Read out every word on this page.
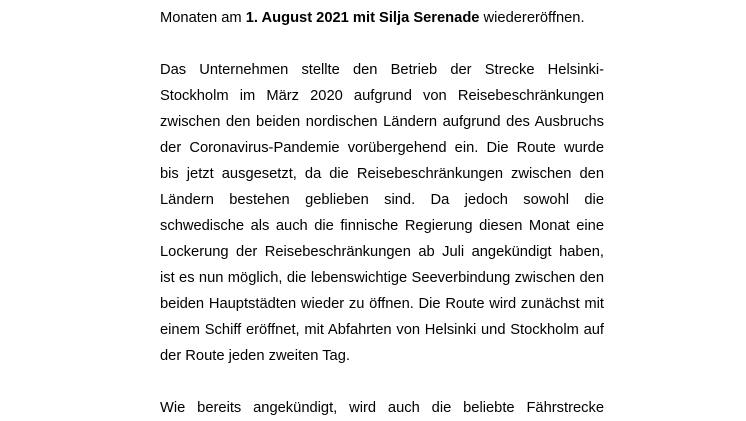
Monaten am 1. August 2021 mit Silja Serenade wiedereröffnen.
Das Unternehmen stellte den Betrieb der Strecke Helsinki-
Stockholm im März 2020 aufgrund von Reisebeschränkungen
zwischen den beiden nordischen Ländern aufgrund des Ausbruchs
der Coronavirus-Pandemie vorübergehend ein. Die Route wurde
bis jetzt ausgesetzt, da die Reisebeschränkungen zwischen den
Ländern bestehen geblieben sind. Da jedoch sowohl die
schwedische als auch die finnische Regierung diesen Monat eine
Lockerung der Reisebeschränkungen ab Juli angekündigt haben,
ist es nun möglich, die lebenswichtige Seeverbindung zwischen den
beiden Hauptstädten wieder zu öffnen. Die Route wird zunächst mit
einem Schiff eröffnet, mit Abfahrten von Helsinki und Stockholm auf
der Route jeden zweiten Tag.
Wie bereits angekündigt, wird auch die beliebte Fährstrecke
